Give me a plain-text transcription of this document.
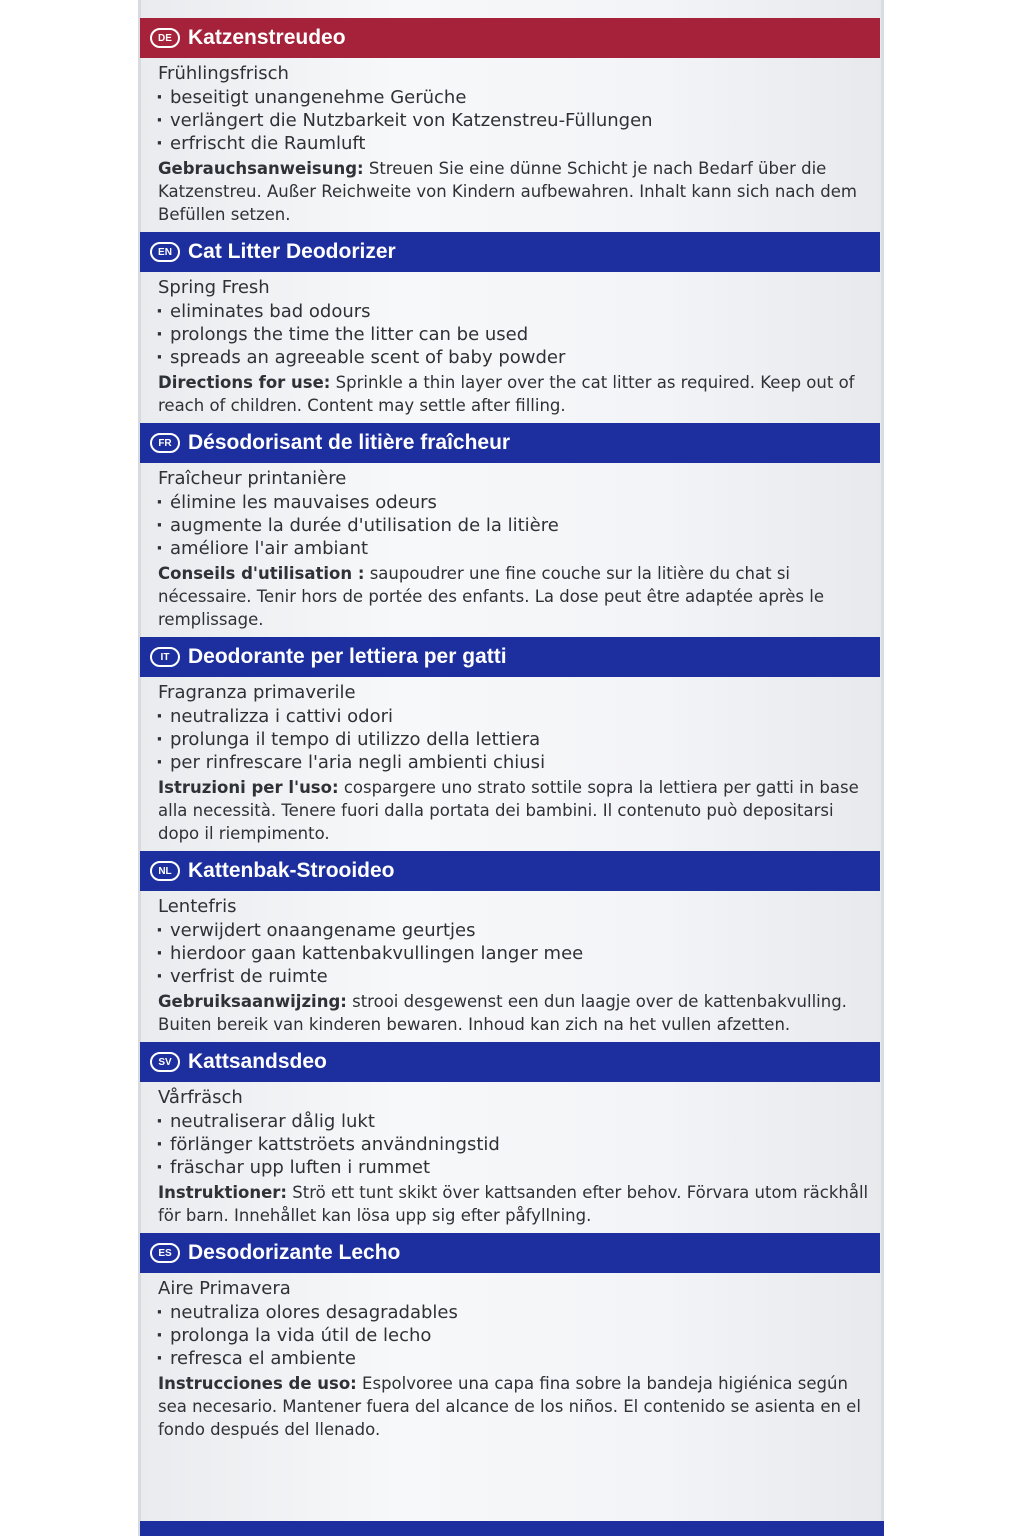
DE Katzenstreudeo
Frühlingsfrisch
· beseitigt unangenehme Gerüche
· verlängert die Nutzbarkeit von Katzenstreu-Füllungen
· erfrischt die Raumluft
Gebrauchsanweisung: Streuen Sie eine dünne Schicht je nach Bedarf über die Katzenstreu. Außer Reichweite von Kindern aufbewahren. Inhalt kann sich nach dem Befüllen setzen.
EN Cat Litter Deodorizer
Spring Fresh
· eliminates bad odours
· prolongs the time the litter can be used
· spreads an agreeable scent of baby powder
Directions for use: Sprinkle a thin layer over the cat litter as required. Keep out of reach of children. Content may settle after filling.
FR Désodorisant de litière fraîcheur
Fraîcheur printanière
· élimine les mauvaises odeurs
· augmente la durée d'utilisation de la litière
· améliore l'air ambiant
Conseils d'utilisation : saupoudrer une fine couche sur la litière du chat si nécessaire. Tenir hors de portée des enfants. La dose peut être adaptée après le remplissage.
IT Deodorante per lettiera per gatti
Fragranza primaverile
· neutralizza i cattivi odori
· prolunga il tempo di utilizzo della lettiera
· per rinfrescare l'aria negli ambienti chiusi
Istruzioni per l'uso: cospargere uno strato sottile sopra la lettiera per gatti in base alla necessità. Tenere fuori dalla portata dei bambini. Il contenuto può depositarsi dopo il riempimento.
NL Kattenbak-Strooideo
Lentefris
· verwijdert onaangename geurtjes
· hierdoor gaan kattenbakvullingen langer mee
· verfrist de ruimte
Gebruiksaanwijzing: strooi desgewenst een dun laagje over de kattenbakvulling. Buiten bereik van kinderen bewaren. Inhoud kan zich na het vullen afzetten.
SV Kattsandsdeo
Vårfräsch
· neutraliserar dålig lukt
· förlänger kattströets användningstid
· fräschar upp luften i rummet
Instruktioner: Strö ett tunt skikt över kattsanden efter behov. Förvara utom räckhåll för barn. Innehållet kan lösa upp sig efter påfyllning.
ES Desodorizante Lecho
Aire Primavera
· neutraliza olores desagradables
· prolonga la vida útil de lecho
· refresca el ambiente
Instrucciones de uso: Espolvoree una capa fina sobre la bandeja higiénica según sea necesario. Mantener fuera del alcance de los niños. El contenido se asienta en el fondo después del llenado.
